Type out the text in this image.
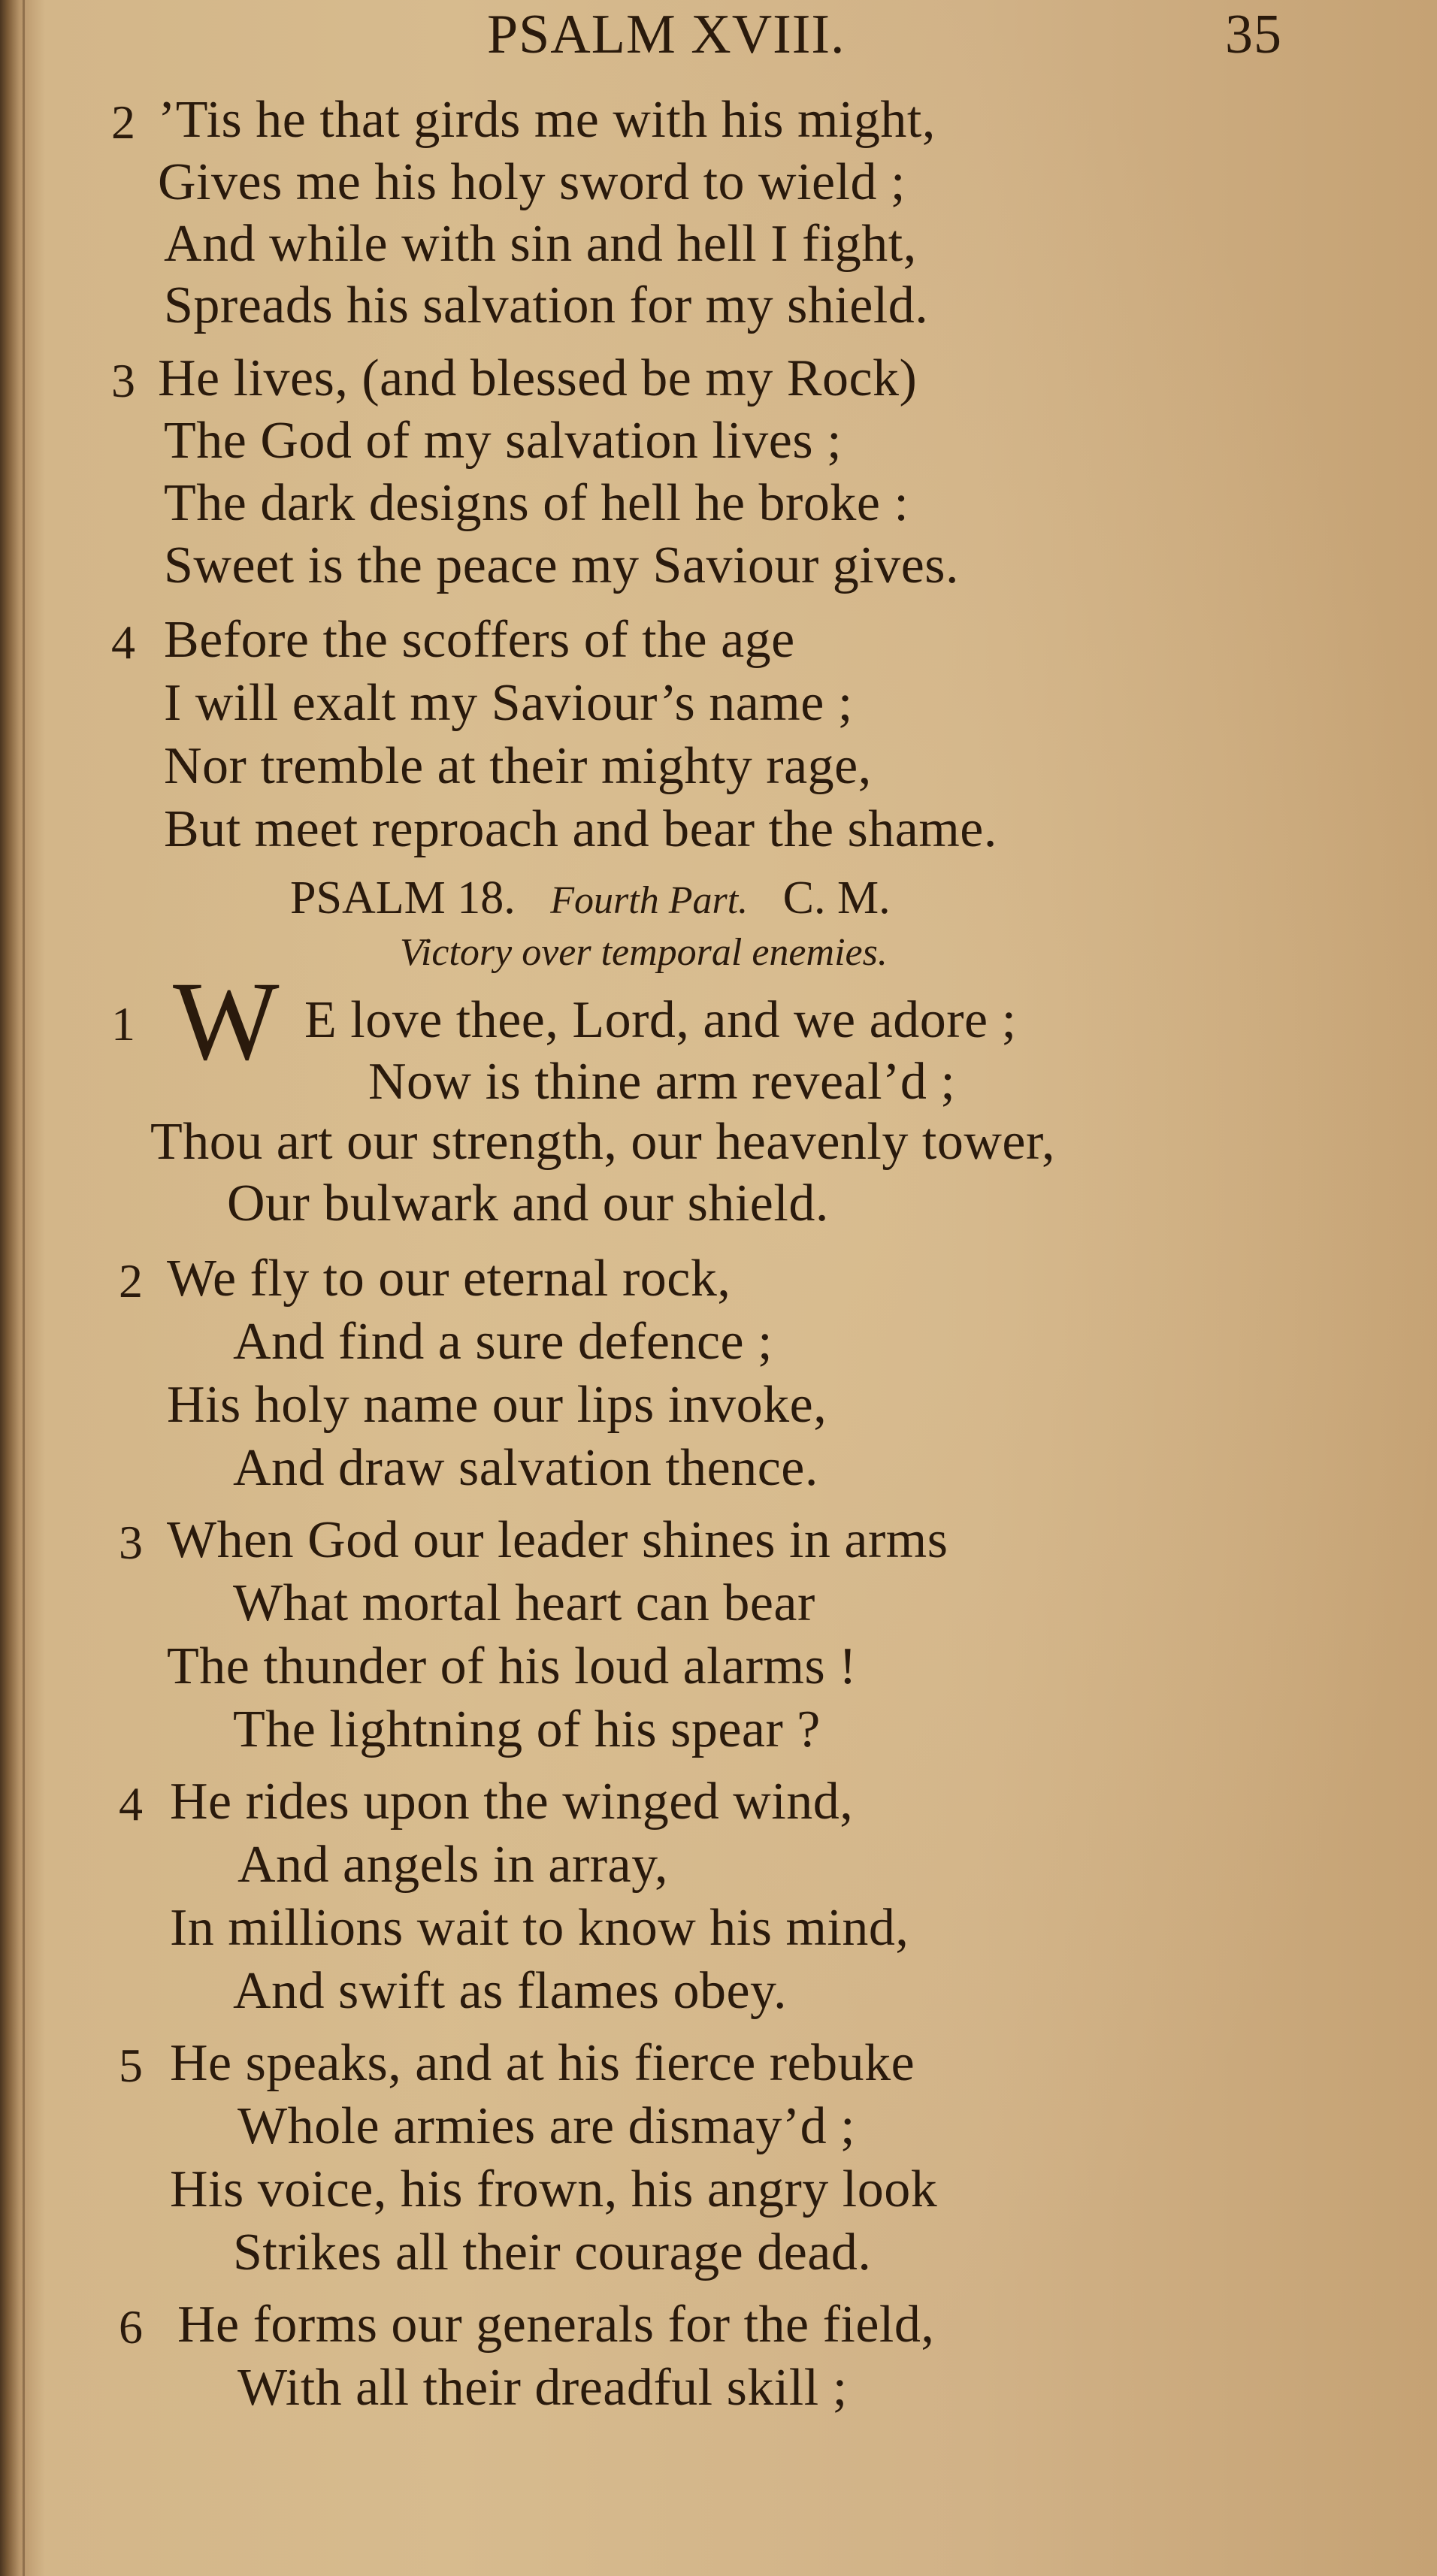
PSALM XVIII.	35
2 ’Tis he that girds me with his might,
Gives me his holy sword to wield ;
And while with sin and hell I fight,
Spreads his salvation for my shield.
3 He lives, (and blessed be my Rock)
The God of my salvation lives ;
The dark designs of hell he broke :
Sweet is the peace my Saviour gives.
4 Before the scoffers of the age
I will exalt my Saviour’s name ;
Nor tremble at their mighty rage,
But meet reproach and bear the shame.
PSALM 18. Fourth Part. C. M.
Victory over temporal enemies.
1 W E love thee, Lord, and we adore ;
Now is thine arm reveal’d ;
Thou art our strength, our heavenly tower,
Our bulwark and our shield.
2 We fly to our eternal rock,
And find a sure defence ;
His holy name our lips invoke,
And draw salvation thence.
3 When God our leader shines in arms
What mortal heart can bear
The thunder of his loud alarms !
The lightning of his spear ?
4 He rides upon the winged wind,
And angels in array,
In millions wait to know his mind,
And swift as flames obey.
5 He speaks, and at his fierce rebuke
Whole armies are dismay’d ;
His voice, his frown, his angry look
Strikes all their courage dead.
6 He forms our generals for the field,
With all their dreadful skill ;
